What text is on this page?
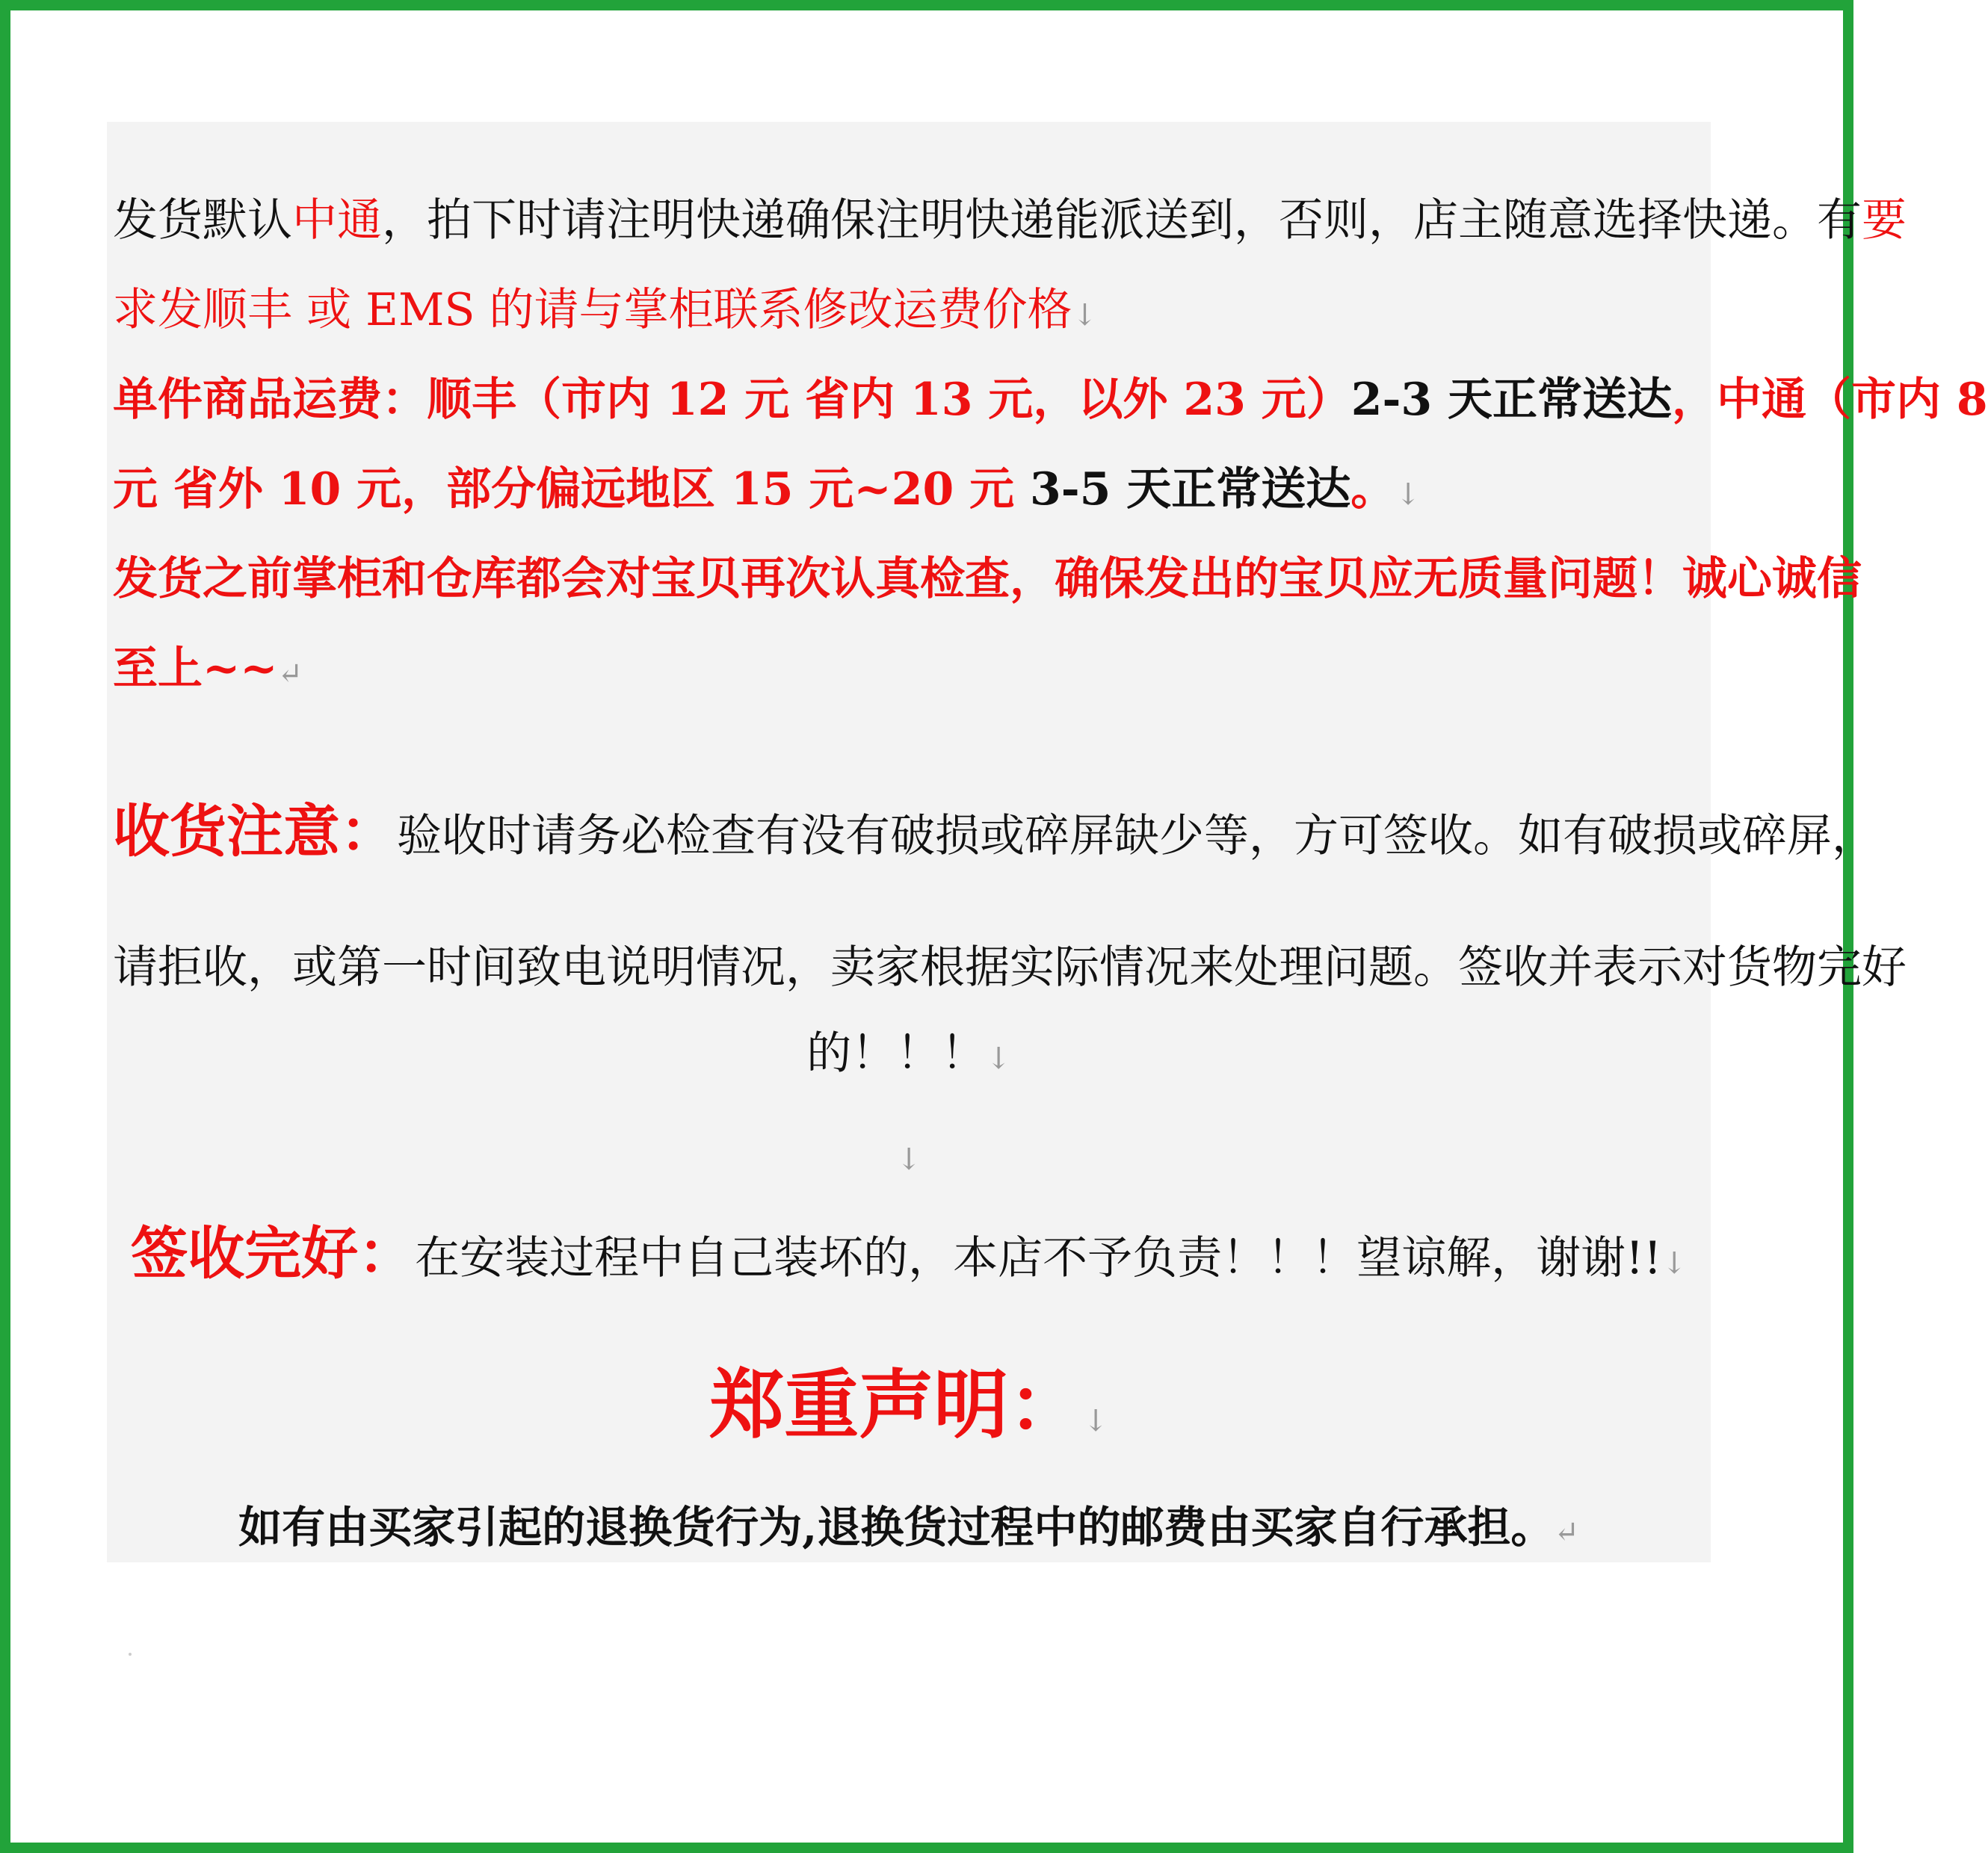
发货默认中通，拍下时请注明快递确保注明快递能派送到，否则，店主随意选择快递。有要
求发顺丰 或 EMS 的请与掌柜联系修改运费价格↓
单件商品运费：顺丰（市内 12 元 省内 13 元，以外 23 元）2-3 天正常送达，中通（市内 8
元 省外 10 元，部分偏远地区 15 元~20 元 3-5 天正常送达。↓
发货之前掌柜和仓库都会对宝贝再次认真检查，确保发出的宝贝应无质量问题！诚心诚信
至上~~↵
收货注意：验收时请务必检查有没有破损或碎屏缺少等，方可签收。如有破损或碎屏，
请拒收，或第一时间致电说明情况，卖家根据实际情况来处理问题。签收并表示对货物完好
的！！！↓
↓
签收完好：在安装过程中自己装坏的，本店不予负责！！！望谅解，谢谢!!↓
郑重声明：↓
如有由买家引起的退换货行为,退换货过程中的邮费由买家自行承担。↵
